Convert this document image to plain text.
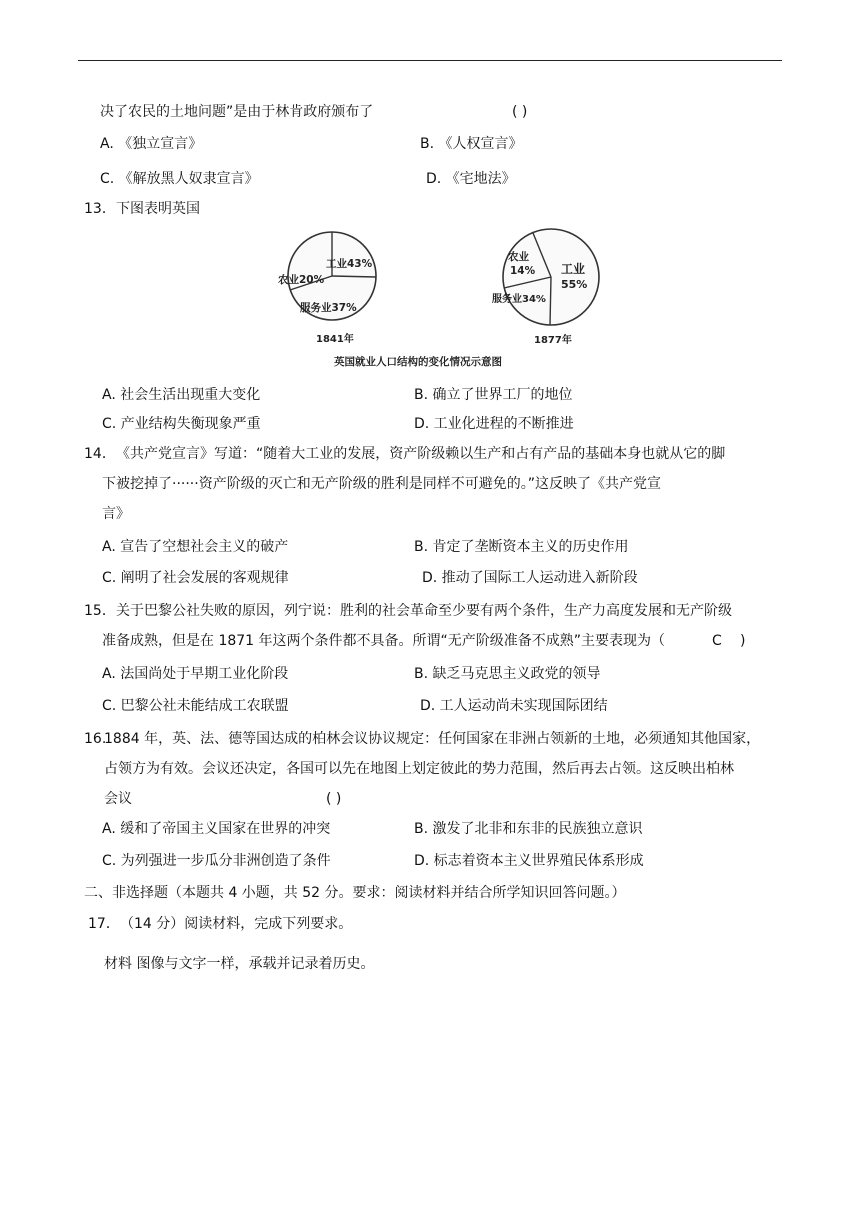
决了农民的土地问题”是由于林肯政府颁布了	( )
A. 《独立宣言》	B. 《人权宣言》
C. 《解放黑人奴隶宣言》	D. 《宅地法》
13． 下图表明英国
工业43%
农业20%
服务业37%
1841年
农业
14% 工业
55%
服务业34%
1877年
英国就业人口结构的变化情况示意图
A. 社会生活出现重大变化	B. 确立了世界工厂的地位
C. 产业结构失衡现象严重	D. 工业化进程的不断推进
14． 《共产党宣言》写道：“随着大工业的发展，资产阶级赖以生产和占有产品的基础本身也就从它的脚
下被挖掉了······资产阶级的灭亡和无产阶级的胜利是同样不可避免的。”这反映了《共产党宣
言》
A. 宣告了空想社会主义的破产	B. 肯定了垄断资本主义的历史作用
C. 阐明了社会发展的客观规律	D. 推动了国际工人运动进入新阶段
15． 关于巴黎公社失败的原因，列宁说：胜利的社会革命至少要有两个条件，生产力高度发展和无产阶级
准备成熟，但是在 1871 年这两个条件都不具备。所谓“无产阶级准备不成熟”主要表现为（	C )
A. 法国尚处于早期工业化阶段	B. 缺乏马克思主义政党的领导
C. 巴黎公社未能结成工农联盟	D. 工人运动尚未实现国际团结
16.
1884 年，英、法、德等国达成的柏林会议协议规定：任何国家在非洲占领新的土地，必须通知其他国家，
占领方为有效。会议还决定，各国可以先在地图上划定彼此的势力范围，然后再去占领。这反映出柏林
会议	( )
A. 缓和了帝国主义国家在世界的冲突	B. 激发了北非和东非的民族独立意识
C. 为列强进一步瓜分非洲创造了条件	D. 标志着资本主义世界殖民体系形成
二、非选择题（本题共 4 小题，共 52 分。要求：阅读材料并结合所学知识回答问题。）
17． （14 分）阅读材料，完成下列要求。
材料 图像与文字一样，承载并记录着历史。
